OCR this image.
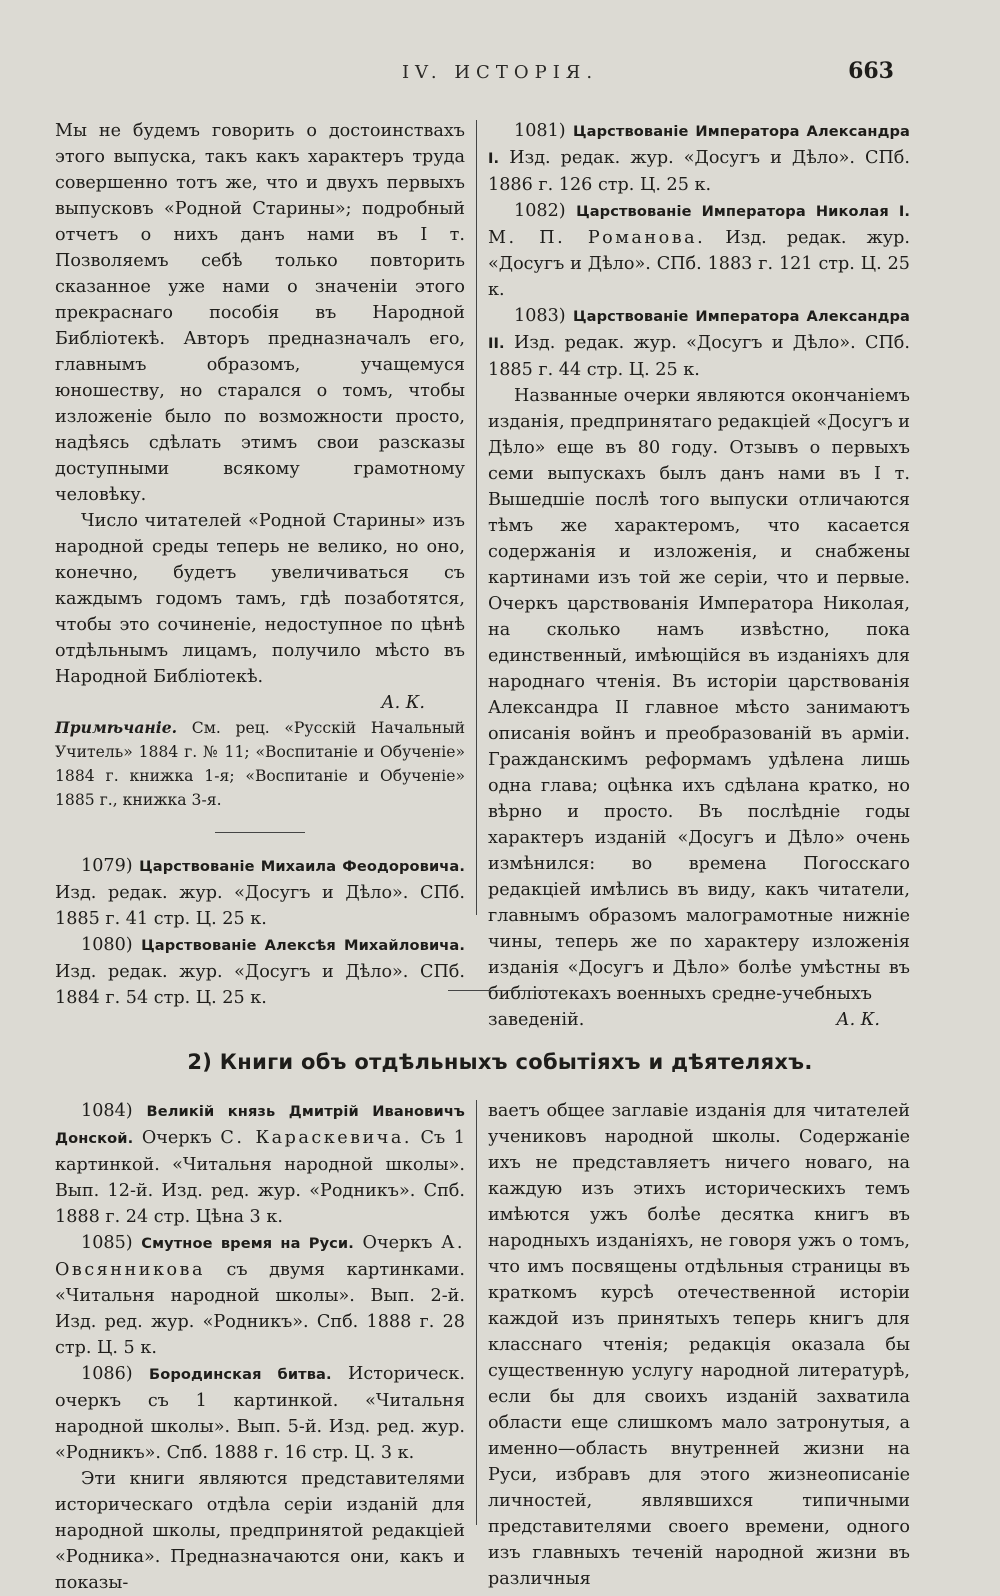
IV. ИСТОРIЯ.	663

Мы не будемъ говорить о достоинствахъ этого выпуска, такъ какъ характеръ труда совершенно тотъ же, что и двухъ первыхъ выпусковъ «Родной Старины»; подробный отчетъ о нихъ данъ нами въ I т. Позволяемъ себѣ только повторить сказанное уже нами о значенiи этого прекраснаго пособiя въ Народной Библiотекѣ. Авторъ предназначалъ его, главнымъ образомъ, учащемуся юношеству, но старался о томъ, чтобы изложенiе было по возможности просто, надѣясь сдѣлать этимъ свои разсказы доступными всякому грамотному человѣку.

Число читателей «Родной Старины» изъ народной среды теперь не велико, но оно, конечно, будетъ увеличиваться съ каждымъ годомъ тамъ, гдѣ позаботятся, чтобы это сочиненiе, недоступное по цѣнѣ отдѣльнымъ лицамъ, получило мѣсто въ Народной Библiотекѣ.

А. К.

Примѣчанiе. См. рец. «Русскiй Начальный Учитель» 1884 г. № 11; «Воспитанiе и Обученiе» 1884 г. книжка 1-я; «Воспитанiе и Обученiе» 1885 г., книжка 3-я.

1079) Царствованiе Михаила Феодоровича. Изд. редак. жур. «Досугъ и Дѣло». СПб. 1885 г. 41 стр. Ц. 25 к.

1080) Царствованiе Алексѣя Михайловича. Изд. редак. жур. «Досугъ и Дѣло». СПб. 1884 г. 54 стр. Ц. 25 к.

1081) Царствованiе Императора Александра I. Изд. редак. жур. «Досугъ и Дѣло». СПб. 1886 г. 126 стр. Ц. 25 к.

1082) Царствованiе Императора Николая I. М. П. Романова. Изд. редак. жур. «Досугъ и Дѣло». СПб. 1883 г. 121 стр. Ц. 25 к.

1083) Царствованiе Императора Александра II. Изд. редак. жур. «Досугъ и Дѣло». СПб. 1885 г. 44 стр. Ц. 25 к.

Названные очерки являются окончанiемъ изданiя, предпринятаго редакцiей «Досугъ и Дѣло» еще въ 80 году. Отзывъ о первыхъ семи выпускахъ былъ данъ нами въ I т. Вышедшiе послѣ того выпуски отличаются тѣмъ же характеромъ, что касается содержанiя и изложенiя, и снабжены картинами изъ той же серiи, что и первые. Очеркъ царствованiя Императора Николая, на сколько намъ извѣстно, пока единственный, имѣющiйся въ изданiяхъ для народнаго чтенiя. Въ исторiи царствованiя Александра II главное мѣсто занимаютъ описанiя войнъ и преобразованiй въ армiи. Гражданскимъ реформамъ удѣлена лишь одна глава; оцѣнка ихъ сдѣлана кратко, но вѣрно и просто. Въ послѣднiе годы характеръ изданiй «Досугъ и Дѣло» очень измѣнился: во времена Погосскаго редакцiей имѣлись въ виду, какъ читатели, главнымъ образомъ малограмотные нижнiе чины, теперь же по характеру изложенiя изданiя «Досугъ и Дѣло» болѣе умѣстны въ библiотекахъ военныхъ средне-учебныхъ

заведенiй.	А. К.
2) Книги объ отдѣльныхъ событiяхъ и дѣятеляхъ.

1084) Великiй князь Дмитрiй Ивановичъ Донской. Очеркъ С. Караскевича. Съ 1 картинкой. «Читальня народной школы». Вып. 12-й. Изд. ред. жур. «Родникъ». Спб. 1888 г. 24 стр. Цѣна 3 к.

1085) Смутное время на Руси. Очеркъ А. Овсянникова съ двумя картинками. «Читальня народной школы». Вып. 2-й. Изд. ред. жур. «Родникъ». Спб. 1888 г. 28 стр. Ц. 5 к.

1086) Бородинская битва. Историческ. очеркъ съ 1 картинкой. «Читальня народной школы». Вып. 5-й. Изд. ред. жур. «Родникъ». Спб. 1888 г. 16 стр. Ц. 3 к.

Эти книги являются представителями историческаго отдѣла серiи изданiй для народной школы, предпринятой редакцiей «Родника». Предназначаются они, какъ и показы-

ваетъ общее заглавiе изданiя для читателей учениковъ народной школы. Содержанiе ихъ не представляетъ ничего новаго, на каждую изъ этихъ историческихъ темъ имѣются ужъ болѣе десятка книгъ въ народныхъ изданiяхъ, не говоря ужъ о томъ, что имъ посвящены отдѣльныя страницы въ краткомъ курсѣ отечественной исторiи каждой изъ принятыхъ теперь книгъ для класснаго чтенiя; редакцiя оказала бы существенную услугу народной литературѣ, если бы для своихъ изданiй захватила области еще слишкомъ мало затронутыя, а именно—область внутренней жизни на Руси, избравъ для этого жизнеописанiе личностей, являвшихся типичными представителями своего времени, одного изъ главныхъ теченiй народной жизни въ различныя
